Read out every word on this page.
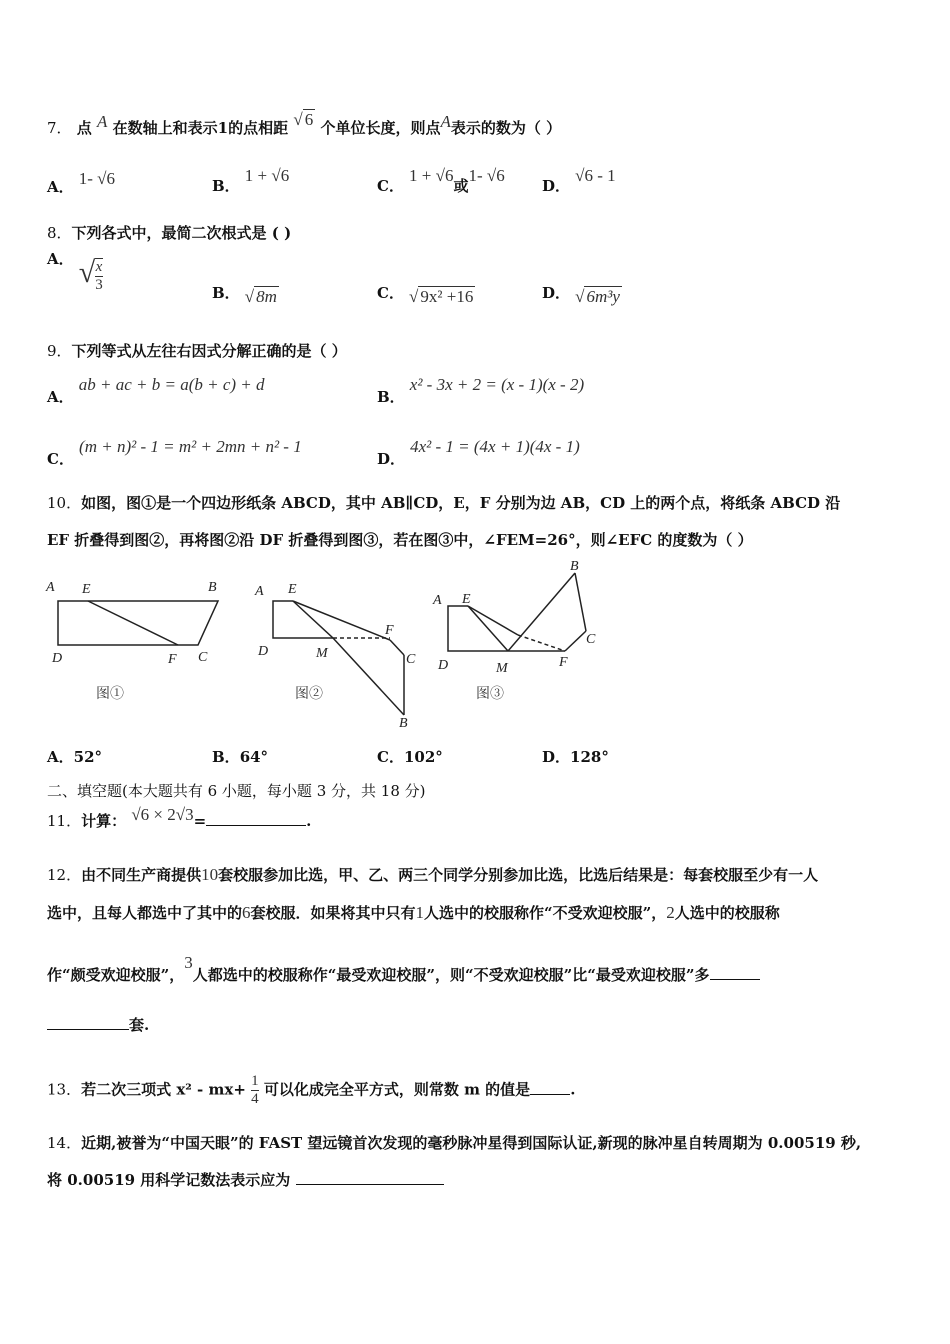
7． 点 A 在数轴上和表示1的点相距 √ 6 个单位长度，则点A表示的数为（ ）
A． 1- √6	B． 1 + √6
C． 1 + √6或1- √6
D． √6 - 1
8．下列各式中，最简二次根式是 ( )
A． √ $\frac{x}{3}$	B． √ 8m	C． √ 9x² +16	D． √ 6m³y
9．下列等式从左往右因式分解正确的是（ ）
A． ab + ac + b = a(b + c) + d
B． x² - 3x + 2 = (x - 1)(x - 2)
C． (m + n)² - 1 = m² + 2mn + n² - 1
D． 4x² - 1 = (4x + 1)(4x - 1)
10．如图，图①是一个四边形纸条 ABCD，其中 AB∥CD，E，F 分别为边 AB，CD 上的两个点，将纸条 ABCD 沿
EF 折叠得到图②，再将图②沿 DF 折叠得到图③，若在图③中，∠FEM=26°，则∠EFC 的度数为（ ）
A E	B
D	F C
A E
D	M
F
C
B
A E
B
C
D	M	F
图①	图②	图③
A．52°	B．64°	C．102°	D．128°
二、填空题(本大题共有 6 小题，每小题 3 分，共 18 分)
11．计算： √6 × 2√3=	.
12．由不同生产商提供10套校服参加比选，甲、乙、两三个同学分别参加比选，比选后结果是：每套校服至少有一人
选中，且每人都选中了其中的6套校服．如果将其中只有1人选中的校服称作“不受欢迎校服”，2人选中的校服称
作“颇受欢迎校服”，3人都选中的校服称作“最受欢迎校服”，则“不受欢迎校服”比“最受欢迎校服”多
套.
13．若二次三项式 $x^2 - mx+ \frac{1}{4}$ 可以化成完全平方式，则常数 m 的值是	.
14．近期,被誉为“中国天眼”的 FAST 望远镜首次发现的毫秒脉冲星得到国际认证,新现的脉冲星自转周期为 0.00519 秒,
将 0.00519 用科学记数法表示应为
